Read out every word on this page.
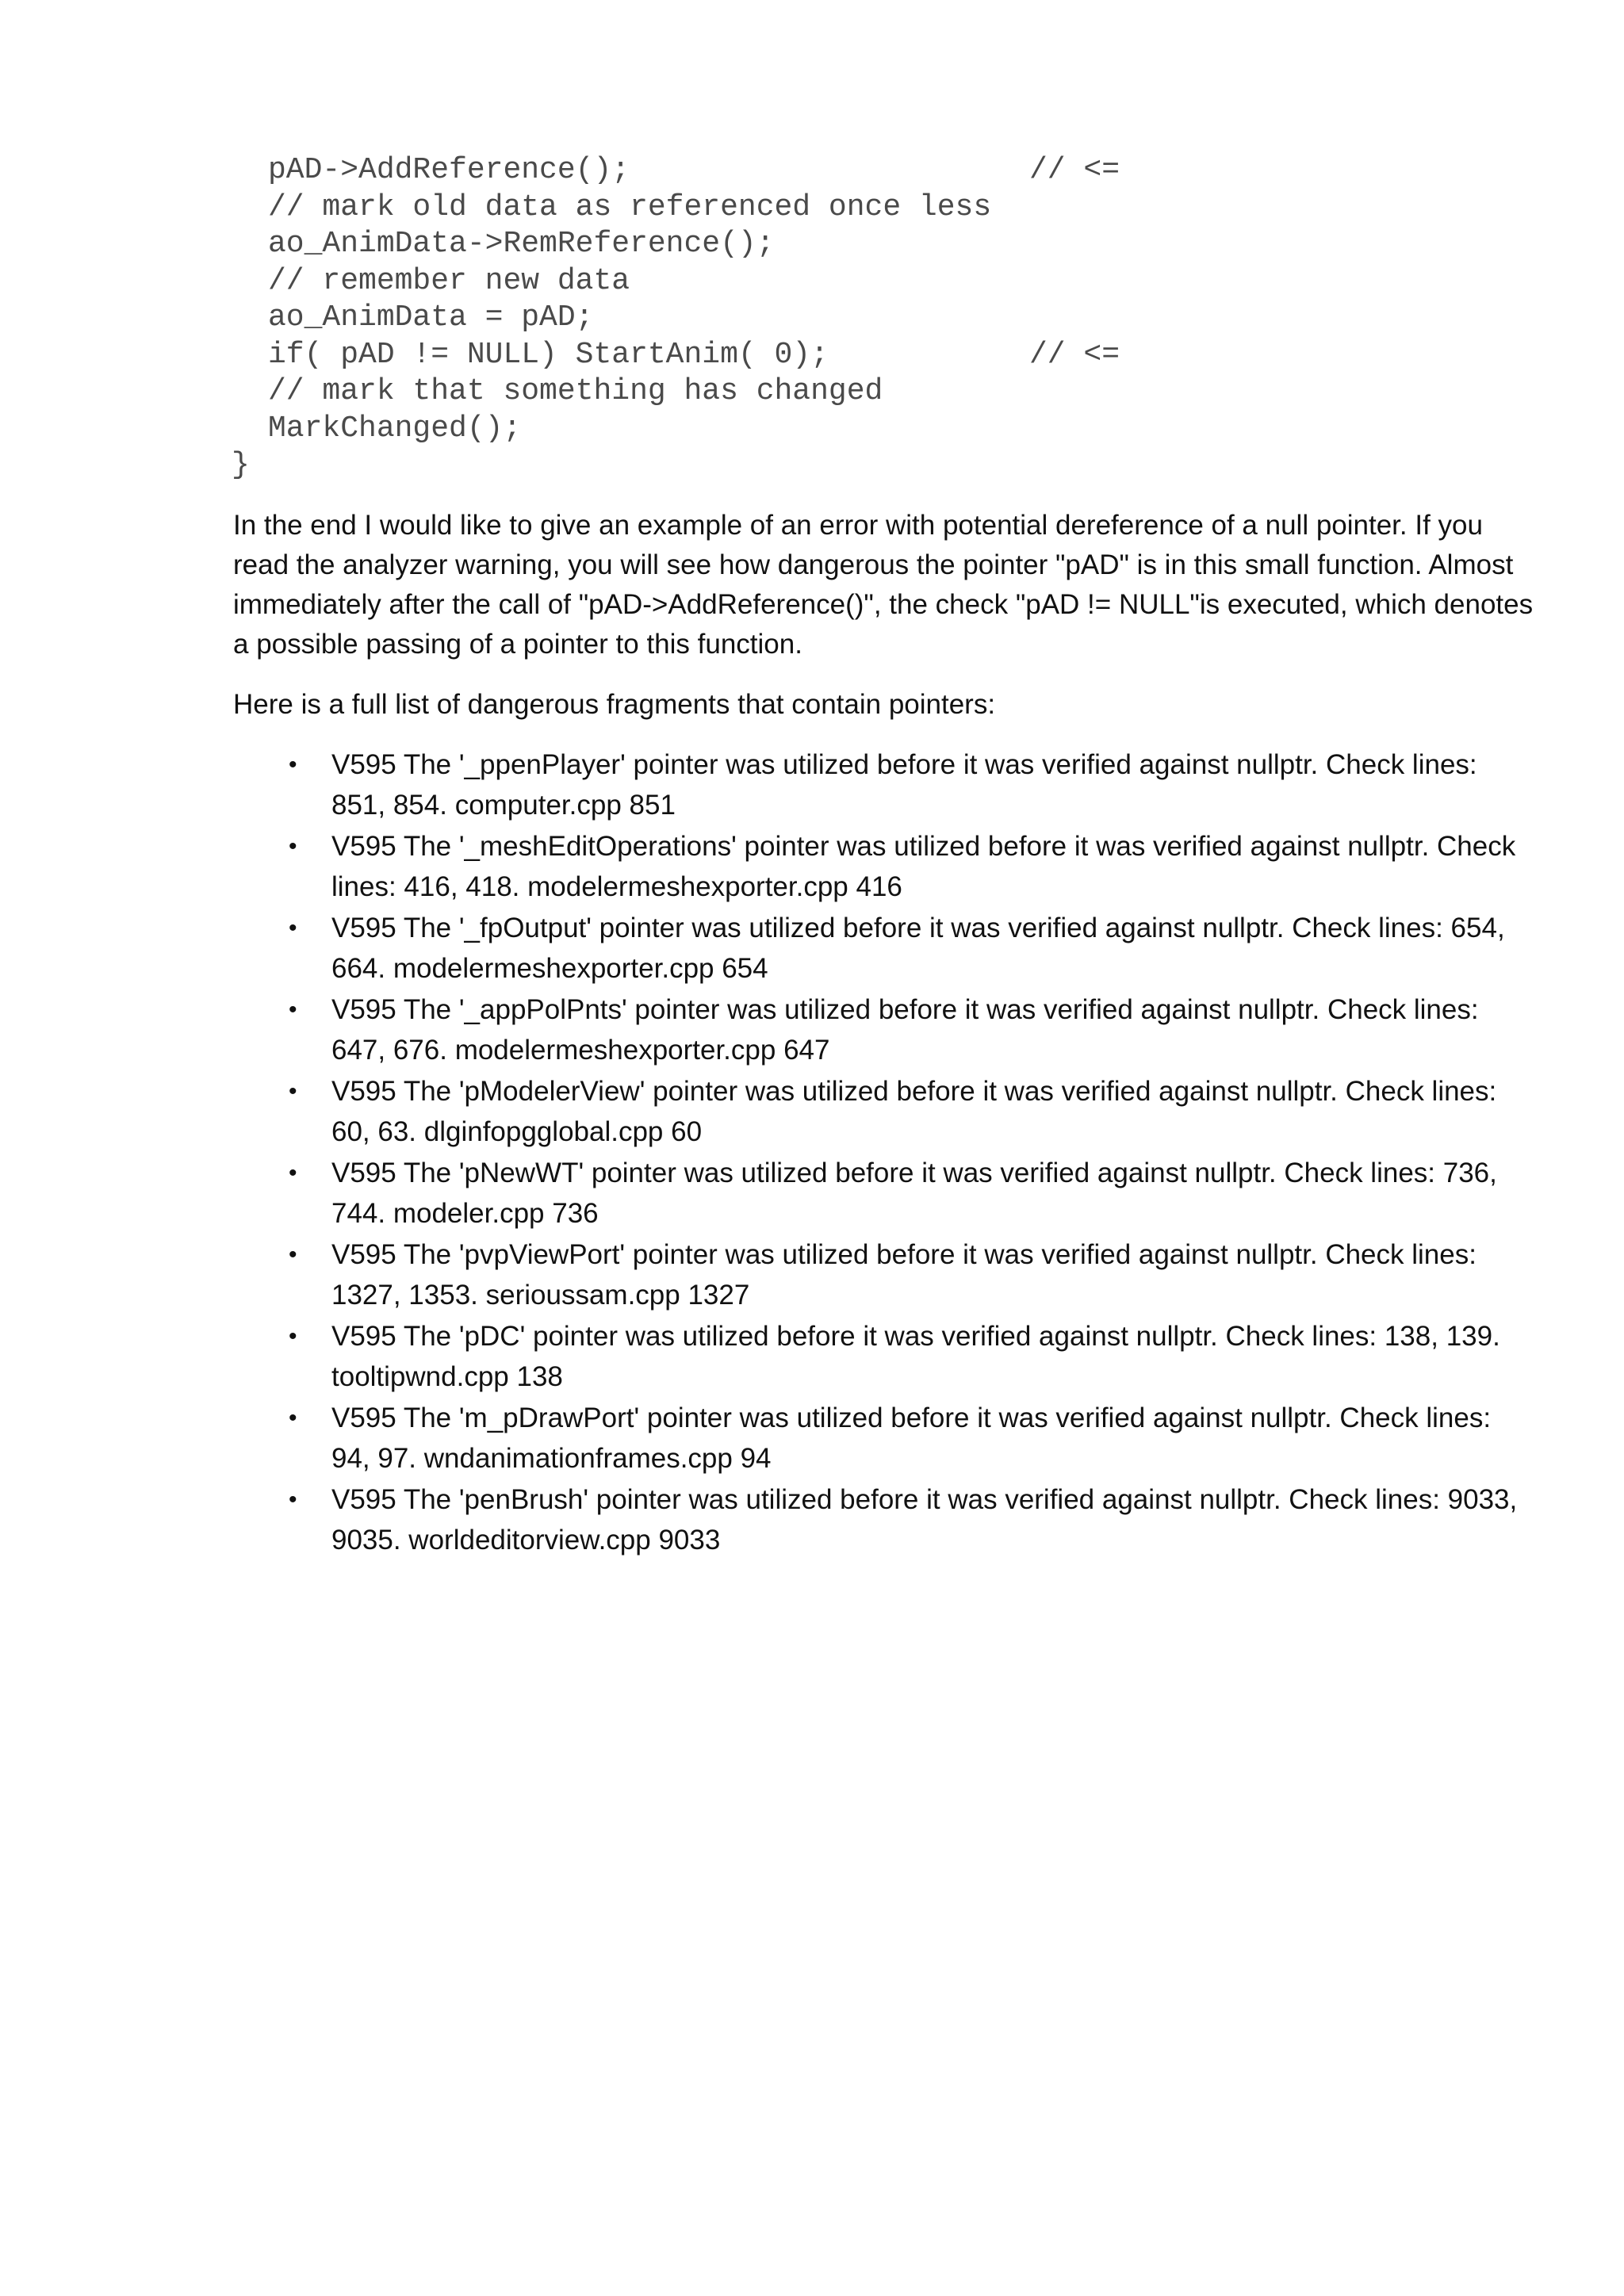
pAD->AddReference();	// <=
// mark old data as referenced once less
ao_AnimData->RemReference();
// remember new data
ao_AnimData = pAD;
if( pAD != NULL) StartAnim( 0);	// <=
// mark that something has changed
MarkChanged();
}

In the end I would like to give an example of an error with potential dereference of a null pointer. If you read the analyzer warning, you will see how dangerous the pointer "pAD" is in this small function. Almost immediately after the call of "pAD->AddReference()", the check "pAD != NULL"is executed, which denotes a possible passing of a pointer to this function.

Here is a full list of dangerous fragments that contain pointers:

• V595 The '_ppenPlayer' pointer was utilized before it was verified against nullptr. Check lines: 851, 854. computer.cpp 851
• V595 The '_meshEditOperations' pointer was utilized before it was verified against nullptr. Check lines: 416, 418. modelermeshexporter.cpp 416
• V595 The '_fpOutput' pointer was utilized before it was verified against nullptr. Check lines: 654, 664. modelermeshexporter.cpp 654
• V595 The '_appPolPnts' pointer was utilized before it was verified against nullptr. Check lines: 647, 676. modelermeshexporter.cpp 647
• V595 The 'pModelerView' pointer was utilized before it was verified against nullptr. Check lines: 60, 63. dlginfopgglobal.cpp 60
• V595 The 'pNewWT' pointer was utilized before it was verified against nullptr. Check lines: 736, 744. modeler.cpp 736
• V595 The 'pvpViewPort' pointer was utilized before it was verified against nullptr. Check lines: 1327, 1353. serioussam.cpp 1327
• V595 The 'pDC' pointer was utilized before it was verified against nullptr. Check lines: 138, 139. tooltipwnd.cpp 138
• V595 The 'm_pDrawPort' pointer was utilized before it was verified against nullptr. Check lines: 94, 97. wndanimationframes.cpp 94
• V595 The 'penBrush' pointer was utilized before it was verified against nullptr. Check lines: 9033, 9035. worldeditorview.cpp 9033
